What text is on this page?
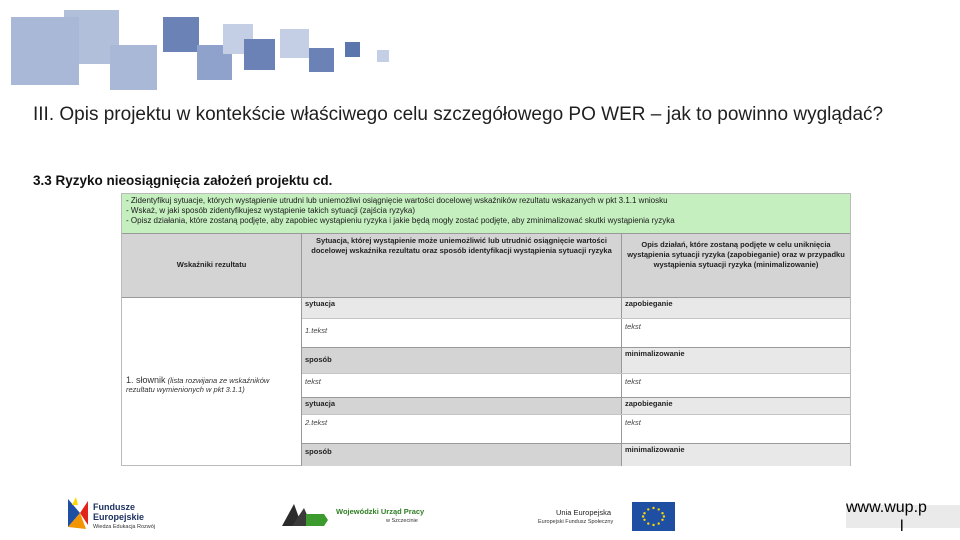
III. Opis projektu w kontekście właściwego celu szczegółowego PO WER – jak to powinno wyglądać?
3.3 Ryzyko nieosiągnięcia założeń projektu cd.
- Zidentyfikuj sytuacje, których wystąpienie utrudni lub uniemożliwi osiągnięcie wartości docelowej wskaźników rezultatu wskazanych w pkt 3.1.1 wniosku
- Wskaż, w jaki sposób zidentyfikujesz wystąpienie takich sytuacji (zajścia ryzyka)
- Opisz działania, które zostaną podjęte, aby zapobiec wystąpieniu ryzyka i jakie będą mogły zostać podjęte, aby zminimalizować skutki wystąpienia ryzyka
Wskaźniki rezultatu
Sytuacja, której wystąpienie może uniemożliwić lub utrudnić osiągnięcie wartości docelowej wskaźnika rezultatu oraz sposób identyfikacji wystąpienia sytuacji ryzyka
Opis działań, które zostaną podjęte w celu uniknięcia wystąpienia sytuacji ryzyka (zapobieganie) oraz w przypadku wystąpienia sytuacji ryzyka (minimalizowanie)
1. słownik (lista rozwijana ze wskaźników rezultatu wymienionych w pkt 3.1.1)
sytuacja
1.tekst
zapobieganie
tekst
sposób
tekst
minimalizowanie
tekst
sytuacja
2.tekst
zapobieganie
tekst
sposób	minimalizowanie
Fundusze
Europejskie
Wiedza Edukacja Rozwój
Wojewódzki Urząd Pracy
w Szczecinie
Unia Europejska
Europejski Fundusz Społeczny
www.wup.p
l
